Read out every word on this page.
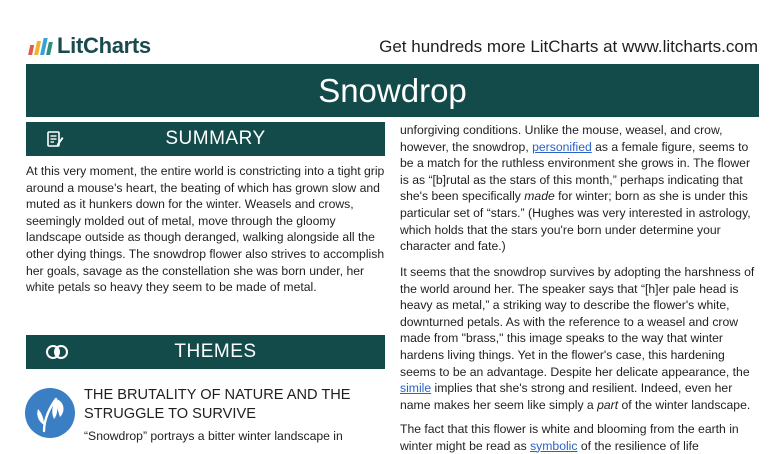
LitCharts	Get hundreds more LitCharts at www.litcharts.com
Snowdrop
SUMMARY

At this very moment, the entire world is constricting into a tight grip around a mouse's heart, the beating of which has grown slow and muted as it hunkers down for the winter. Weasels and crows, seemingly molded out of metal, move through the gloomy landscape outside as though deranged, walking alongside all the other dying things. The snowdrop flower also strives to accomplish her goals, savage as the constellation she was born under, her white petals so heavy they seem to be made of metal.

THEMES
THE BRUTALITY OF NATURE AND THE STRUGGLE TO SURVIVE
“Snowdrop” portrays a bitter winter landscape in

unforgiving conditions. Unlike the mouse, weasel, and crow, however, the snowdrop, personified as a female figure, seems to be a match for the ruthless environment she grows in. The flower is as “[b]rutal as the stars of this month,” perhaps indicating that she's been specifically made for winter; born as she is under this particular set of “stars.” (Hughes was very interested in astrology, which holds that the stars you're born under determine your character and fate.)

It seems that the snowdrop survives by adopting the harshness of the world around her. The speaker says that “[h]er pale head is heavy as metal,” a striking way to describe the flower's white, downturned petals. As with the reference to a weasel and crow made from "brass," this image speaks to the way that winter hardens living things. Yet in the flower's case, this hardening seems to be an advantage. Despite her delicate appearance, the simile implies that she's strong and resilient. Indeed, even her name makes her seem like simply a part of the winter landscape.

The fact that this flower is white and blooming from the earth in winter might be read as symbolic of the resilience of life
